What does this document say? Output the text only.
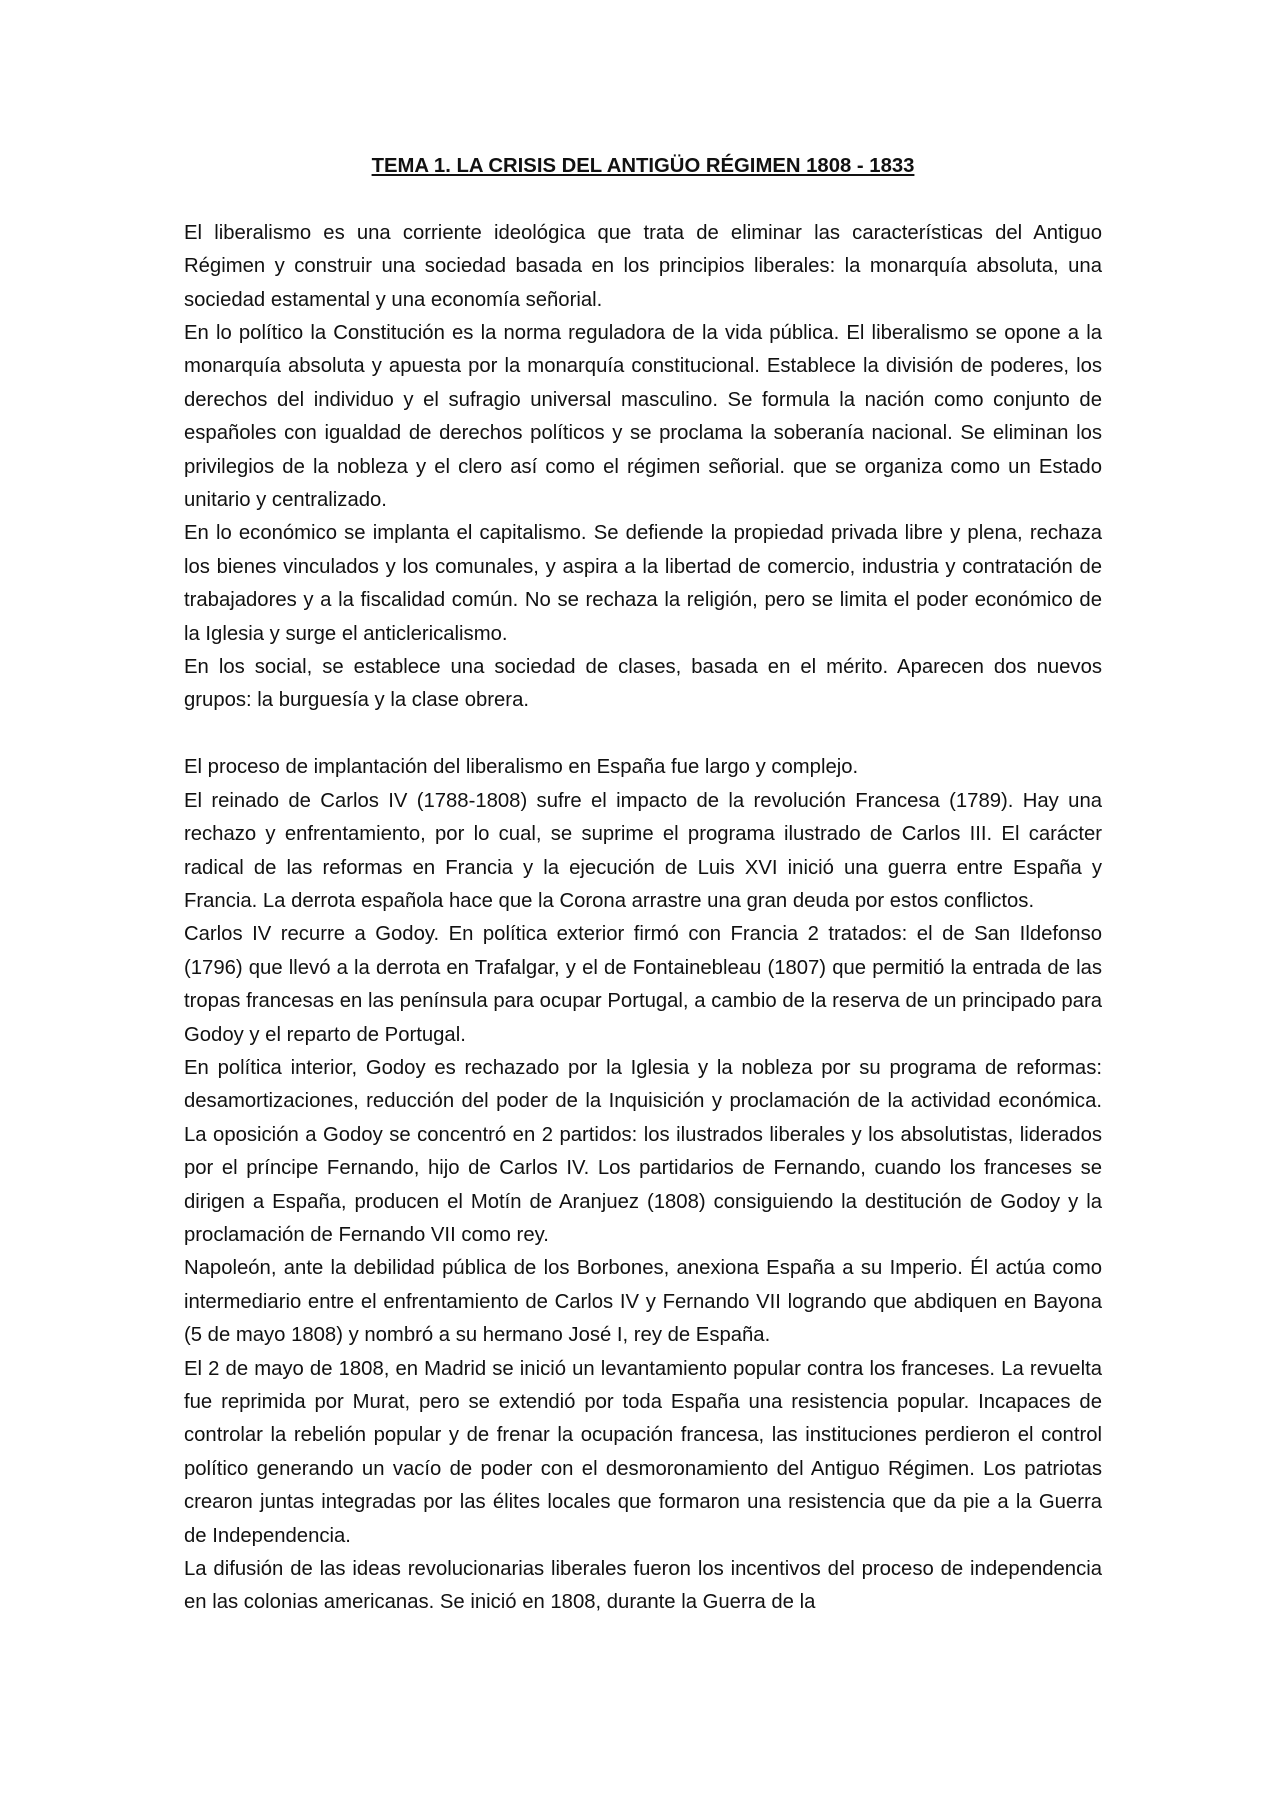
TEMA 1. LA CRISIS DEL ANTIGÜO RÉGIMEN 1808 - 1833

El liberalismo es una corriente ideológica que trata de eliminar las características del Antiguo Régimen y construir una sociedad basada en los principios liberales: la monarquía absoluta, una sociedad estamental y una economía señorial.

En lo político la Constitución es la norma reguladora de la vida pública. El liberalismo se opone a la monarquía absoluta y apuesta por la monarquía constitucional. Establece la división de poderes, los derechos del individuo y el sufragio universal masculino. Se formula la nación como conjunto de españoles con igualdad de derechos políticos y se proclama la soberanía nacional. Se eliminan los privilegios de la nobleza y el clero así como el régimen señorial. que se organiza como un Estado unitario y centralizado.

En lo económico se implanta el capitalismo. Se defiende la propiedad privada libre y plena, rechaza los bienes vinculados y los comunales, y aspira a la libertad de comercio, industria y contratación de trabajadores y a la fiscalidad común. No se rechaza la religión, pero se limita el poder económico de la Iglesia y surge el anticlericalismo.

En los social, se establece una sociedad de clases, basada en el mérito. Aparecen dos nuevos grupos: la burguesía y la clase obrera.

El proceso de implantación del liberalismo en España fue largo y complejo.

El reinado de Carlos IV (1788-1808) sufre el impacto de la revolución Francesa (1789). Hay una rechazo y enfrentamiento, por lo cual, se suprime el programa ilustrado de Carlos III. El carácter radical de las reformas en Francia y la ejecución de Luis XVI inició una guerra entre España y Francia. La derrota española hace que la Corona arrastre una gran deuda por estos conflictos.

Carlos IV recurre a Godoy. En política exterior firmó con Francia 2 tratados: el de San Ildefonso (1796) que llevó a la derrota en Trafalgar, y el de Fontainebleau (1807) que permitió la entrada de las tropas francesas en las península para ocupar Portugal, a cambio de la reserva de un principado para Godoy y el reparto de Portugal.

En política interior, Godoy es rechazado por la Iglesia y la nobleza por su programa de reformas: desamortizaciones, reducción del poder de la Inquisición y proclamación de la actividad económica. La oposición a Godoy se concentró en 2 partidos: los ilustrados liberales y los absolutistas, liderados por el príncipe Fernando, hijo de Carlos IV. Los partidarios de Fernando, cuando los franceses se dirigen a España, producen el Motín de Aranjuez (1808) consiguiendo la destitución de Godoy y la proclamación de Fernando VII como rey.

Napoleón, ante la debilidad pública de los Borbones, anexiona España a su Imperio. Él actúa como intermediario entre el enfrentamiento de Carlos IV y Fernando VII logrando que abdiquen en Bayona (5 de mayo 1808) y nombró a su hermano José I, rey de España.

El 2 de mayo de 1808, en Madrid se inició un levantamiento popular contra los franceses. La revuelta fue reprimida por Murat, pero se extendió por toda España una resistencia popular. Incapaces de controlar la rebelión popular y de frenar la ocupación francesa, las instituciones perdieron el control político generando un vacío de poder con el desmoronamiento del Antiguo Régimen. Los patriotas crearon juntas integradas por las élites locales que formaron una resistencia que da pie a la Guerra de Independencia.

La difusión de las ideas revolucionarias liberales fueron los incentivos del proceso de independencia en las colonias americanas. Se inició en 1808, durante la Guerra de la
